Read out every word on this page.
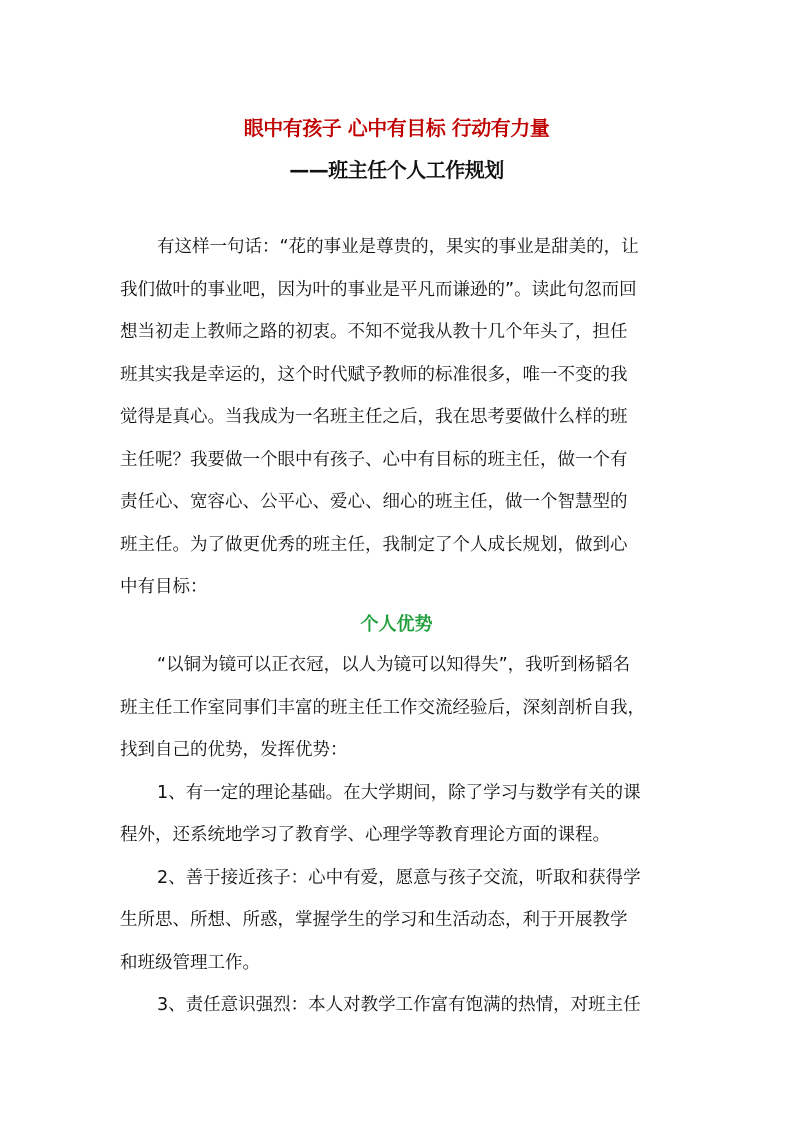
眼中有孩子 心中有目标 行动有力量
——班主任个人工作规划
有这样一句话：“花的事业是尊贵的，果实的事业是甜美的，让
我们做叶的事业吧，因为叶的事业是平凡而谦逊的”。读此句忽而回
想当初走上教师之路的初衷。不知不觉我从教十几个年头了，担任
班其实我是幸运的，这个时代赋予教师的标准很多，唯一不变的我
觉得是真心。当我成为一名班主任之后，我在思考要做什么样的班
主任呢？我要做一个眼中有孩子、心中有目标的班主任，做一个有
责任心、宽容心、公平心、爱心、细心的班主任，做一个智慧型的
班主任。为了做更优秀的班主任，我制定了个人成长规划，做到心
中有目标：
个人优势
“以铜为镜可以正衣冠，以人为镜可以知得失”，我听到杨韬名
班主任工作室同事们丰富的班主任工作交流经验后，深刻剖析自我，
找到自己的优势，发挥优势：
1、有一定的理论基础。在大学期间，除了学习与数学有关的课
程外，还系统地学习了教育学、心理学等教育理论方面的课程。
2、善于接近孩子：心中有爱，愿意与孩子交流，听取和获得学
生所思、所想、所惑，掌握学生的学习和生活动态，利于开展教学
和班级管理工作。
3、责任意识强烈：本人对教学工作富有饱满的热情，对班主任
